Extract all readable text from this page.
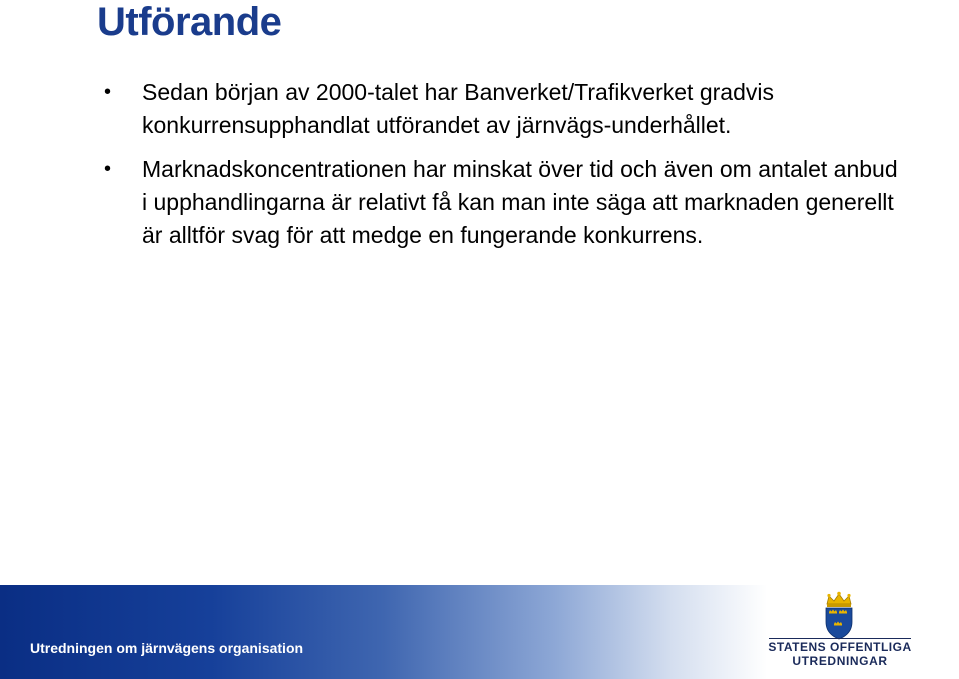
Utförande
• Sedan början av 2000-talet har Banverket/Trafikverket gradvis konkurrensupphandlat utförandet av järnvägs-underhållet.
• Marknadskoncentrationen har minskat över tid och även om antalet anbud i upphandlingarna är relativt få kan man inte säga att marknaden generellt är alltför svag för att medge en fungerande konkurrens.
Utredningen om järnvägens organisation	STATENS OFFENTLIGA
UTREDNINGAR
